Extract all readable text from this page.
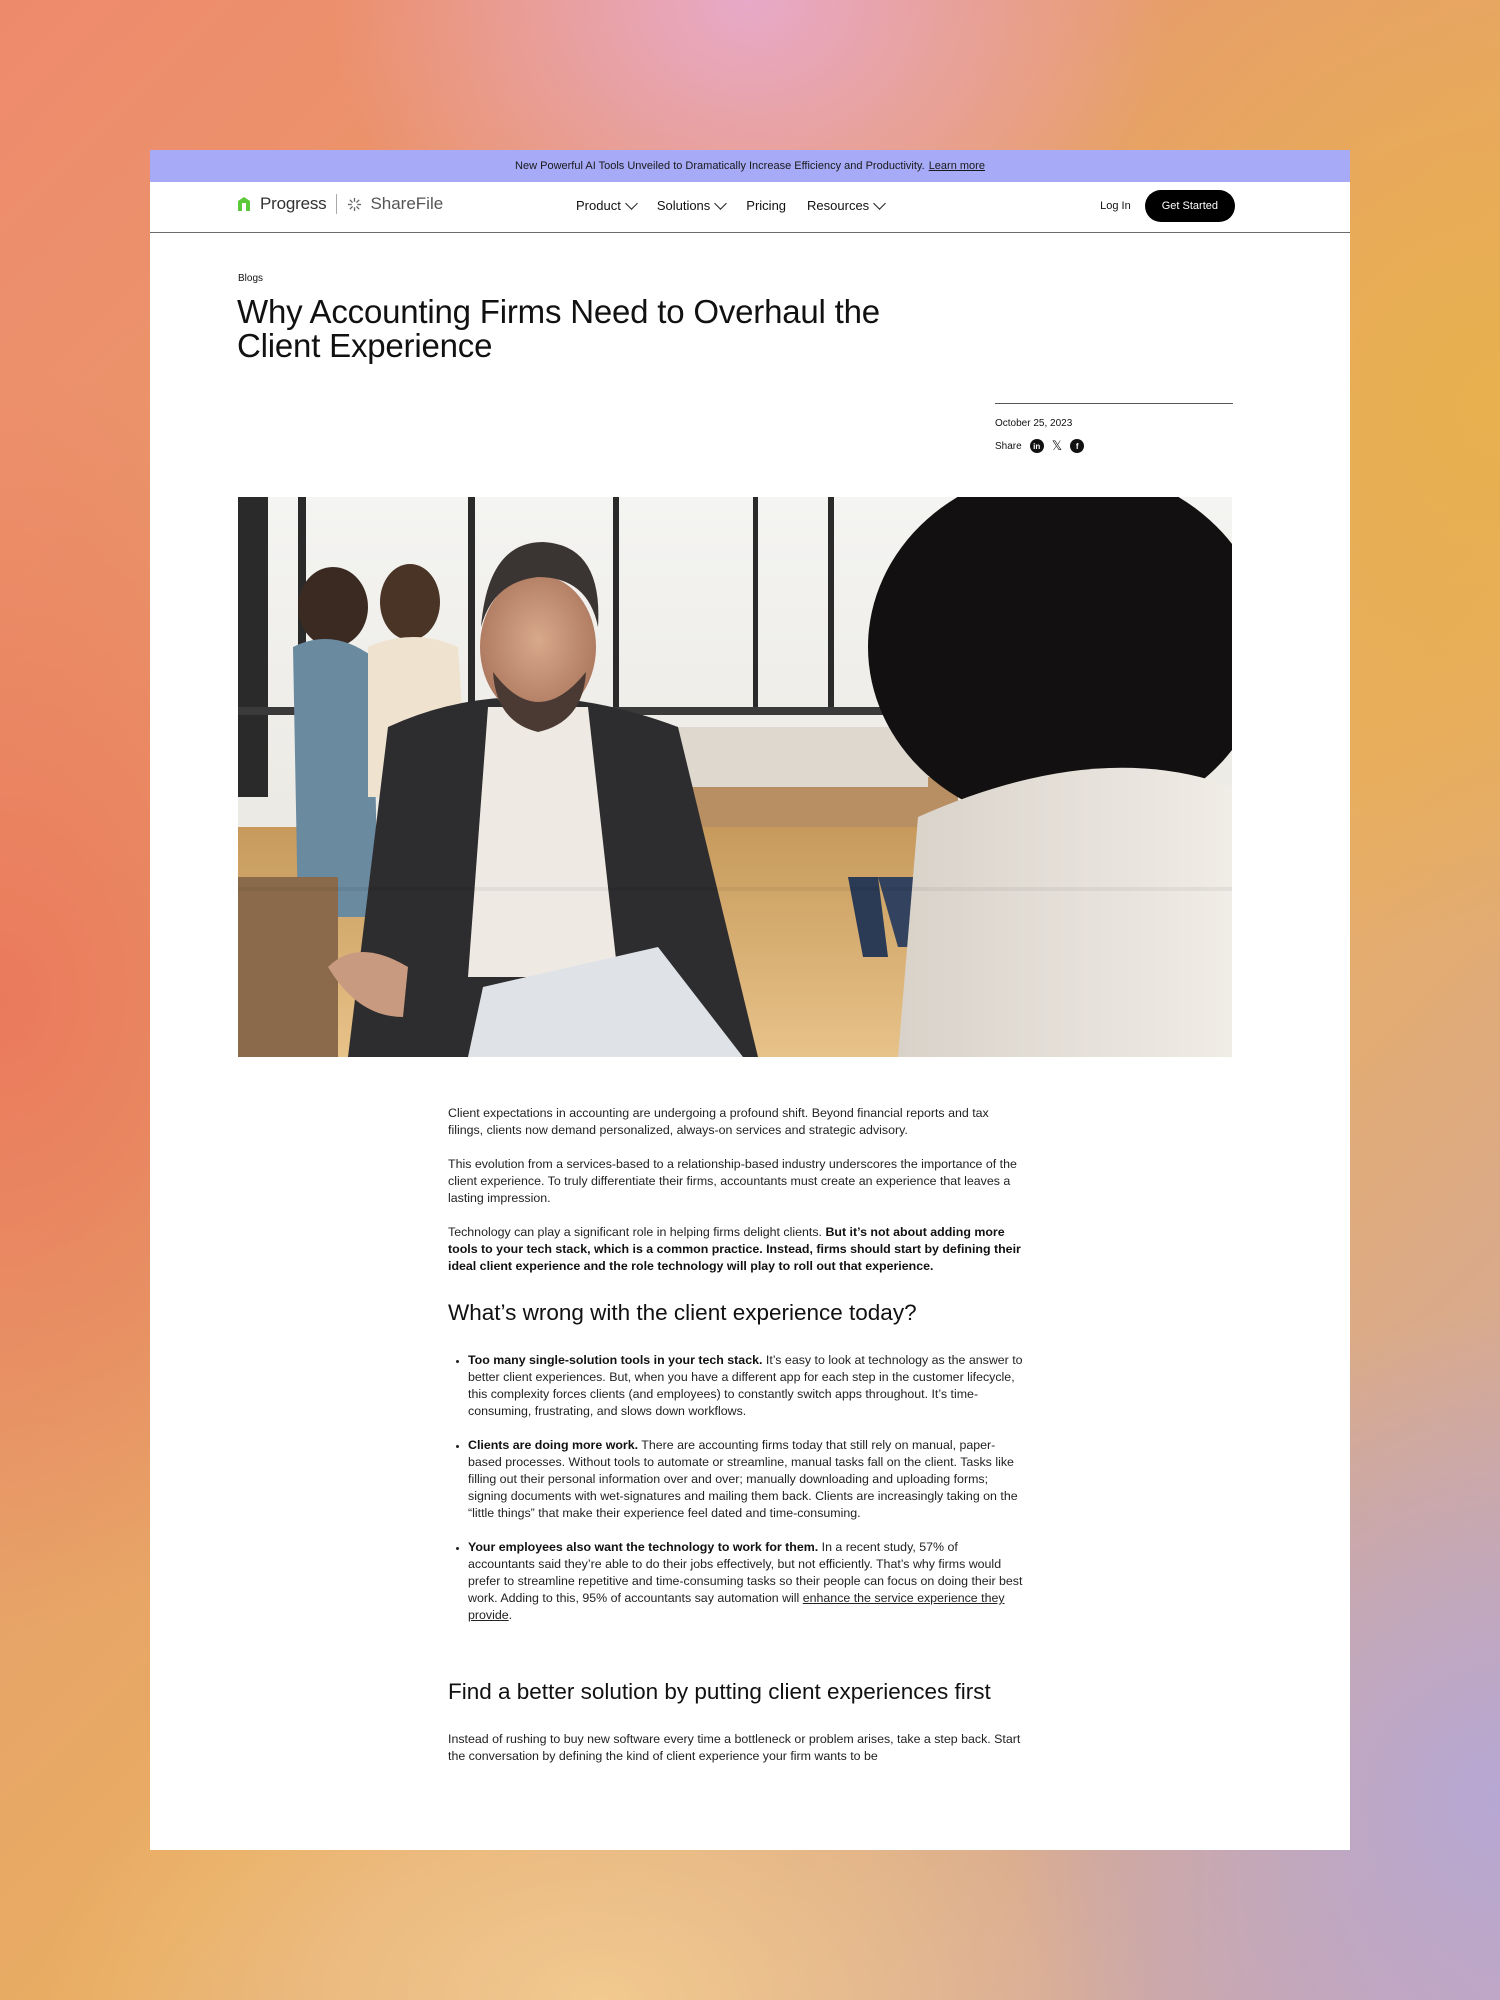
New Powerful AI Tools Unveiled to Dramatically Increase Efficiency and Productivity. Learn more
Progress	ShareFile	Product	Solutions	Pricing Resources	Log In	Get Started
Blogs
Why Accounting Firms Need to Overhaul the Client Experience
October 25, 2023
Share	in 𝕏	f

Client expectations in accounting are undergoing a profound shift. Beyond financial reports and tax filings, clients now demand personalized, always-on services and strategic advisory.

This evolution from a services-based to a relationship-based industry underscores the importance of the client experience. To truly differentiate their firms, accountants must create an experience that leaves a lasting impression.

Technology can play a significant role in helping firms delight clients. But it’s not about adding more tools to your tech stack, which is a common practice. Instead, firms should start by defining their ideal client experience and the role technology will play to roll out that experience.

What’s wrong with the client experience today?
• Too many single-solution tools in your tech stack. It’s easy to look at technology as the answer to better client experiences. But, when you have a different app for each step in the customer lifecycle, this complexity forces clients (and employees) to constantly switch apps throughout. It’s time-consuming, frustrating, and slows down workflows.
• Clients are doing more work. There are accounting firms today that still rely on manual, paper-based processes. Without tools to automate or streamline, manual tasks fall on the client. Tasks like filling out their personal information over and over; manually downloading and uploading forms; signing documents with wet-signatures and mailing them back. Clients are increasingly taking on the “little things” that make their experience feel dated and time-consuming.
• Your employees also want the technology to work for them. In a recent study, 57% of accountants said they’re able to do their jobs effectively, but not efficiently. That’s why firms would prefer to streamline repetitive and time-consuming tasks so their people can focus on doing their best work. Adding to this, 95% of accountants say automation will enhance the service experience they provide.
Find a better solution by putting client experiences first

Instead of rushing to buy new software every time a bottleneck or problem arises, take a step back. Start the conversation by defining the kind of client experience your firm wants to be
